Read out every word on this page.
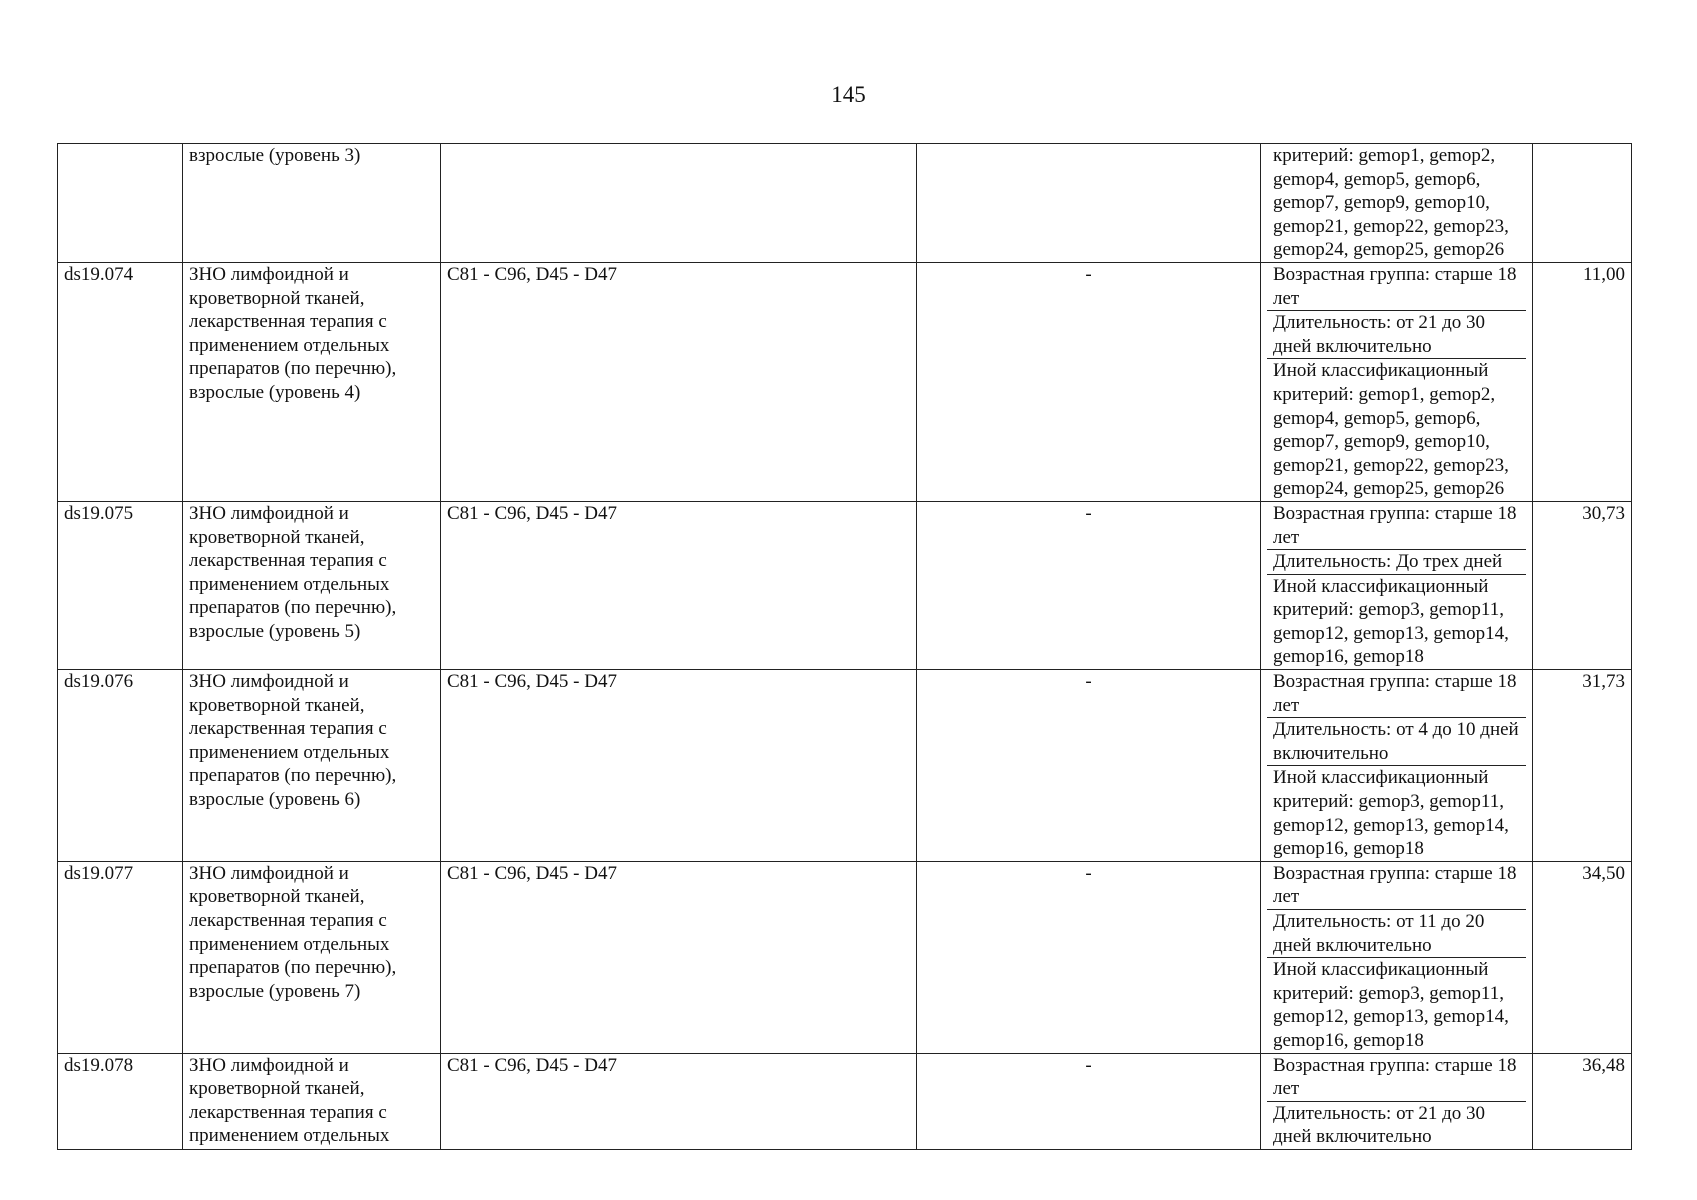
145
	взрослые (уровень 3)			критерий: gemop1, gemop2, gemop4, gemop5, gemop6, gemop7, gemop9, gemop10, gemop21, gemop22, gemop23, gemop24, gemop25, gemop26	

ds19.074	ЗНО лимфоидной и кроветворной тканей, лекарственная терапия с применением отдельных препаратов (по перечню), взрослые (уровень 4)	C81 - C96, D45 - D47	-	Возрастная группа: старше 18 лет
Длительность: от 21 до 30 дней включительно
Иной классификационный критерий: gemop1, gemop2, gemop4, gemop5, gemop6, gemop7, gemop9, gemop10, gemop21, gemop22, gemop23, gemop24, gemop25, gemop26	11,00
ds19.075	ЗНО лимфоидной и кроветворной тканей, лекарственная терапия с применением отдельных препаратов (по перечню), взрослые (уровень 5)	C81 - C96, D45 - D47	-	Возрастная группа: старше 18 лет
Длительность: До трех дней
Иной классификационный критерий: gemop3, gemop11, gemop12, gemop13, gemop14, gemop16, gemop18	30,73
ds19.076	ЗНО лимфоидной и кроветворной тканей, лекарственная терапия с применением отдельных препаратов (по перечню), взрослые (уровень 6)	C81 - C96, D45 - D47	-	Возрастная группа: старше 18 лет
Длительность: от 4 до 10 дней включительно
Иной классификационный критерий: gemop3, gemop11, gemop12, gemop13, gemop14, gemop16, gemop18	31,73
ds19.077	ЗНО лимфоидной и кроветворной тканей, лекарственная терапия с применением отдельных препаратов (по перечню), взрослые (уровень 7)	C81 - C96, D45 - D47	-	Возрастная группа: старше 18 лет
Длительность: от 11 до 20 дней включительно
Иной классификационный критерий: gemop3, gemop11, gemop12, gemop13, gemop14, gemop16, gemop18	34,50
ds19.078	ЗНО лимфоидной и кроветворной тканей, лекарственная терапия с применением отдельных	C81 - C96, D45 - D47	-	Возрастная группа: старше 18 лет
Длительность: от 21 до 30 дней включительно	36,48
